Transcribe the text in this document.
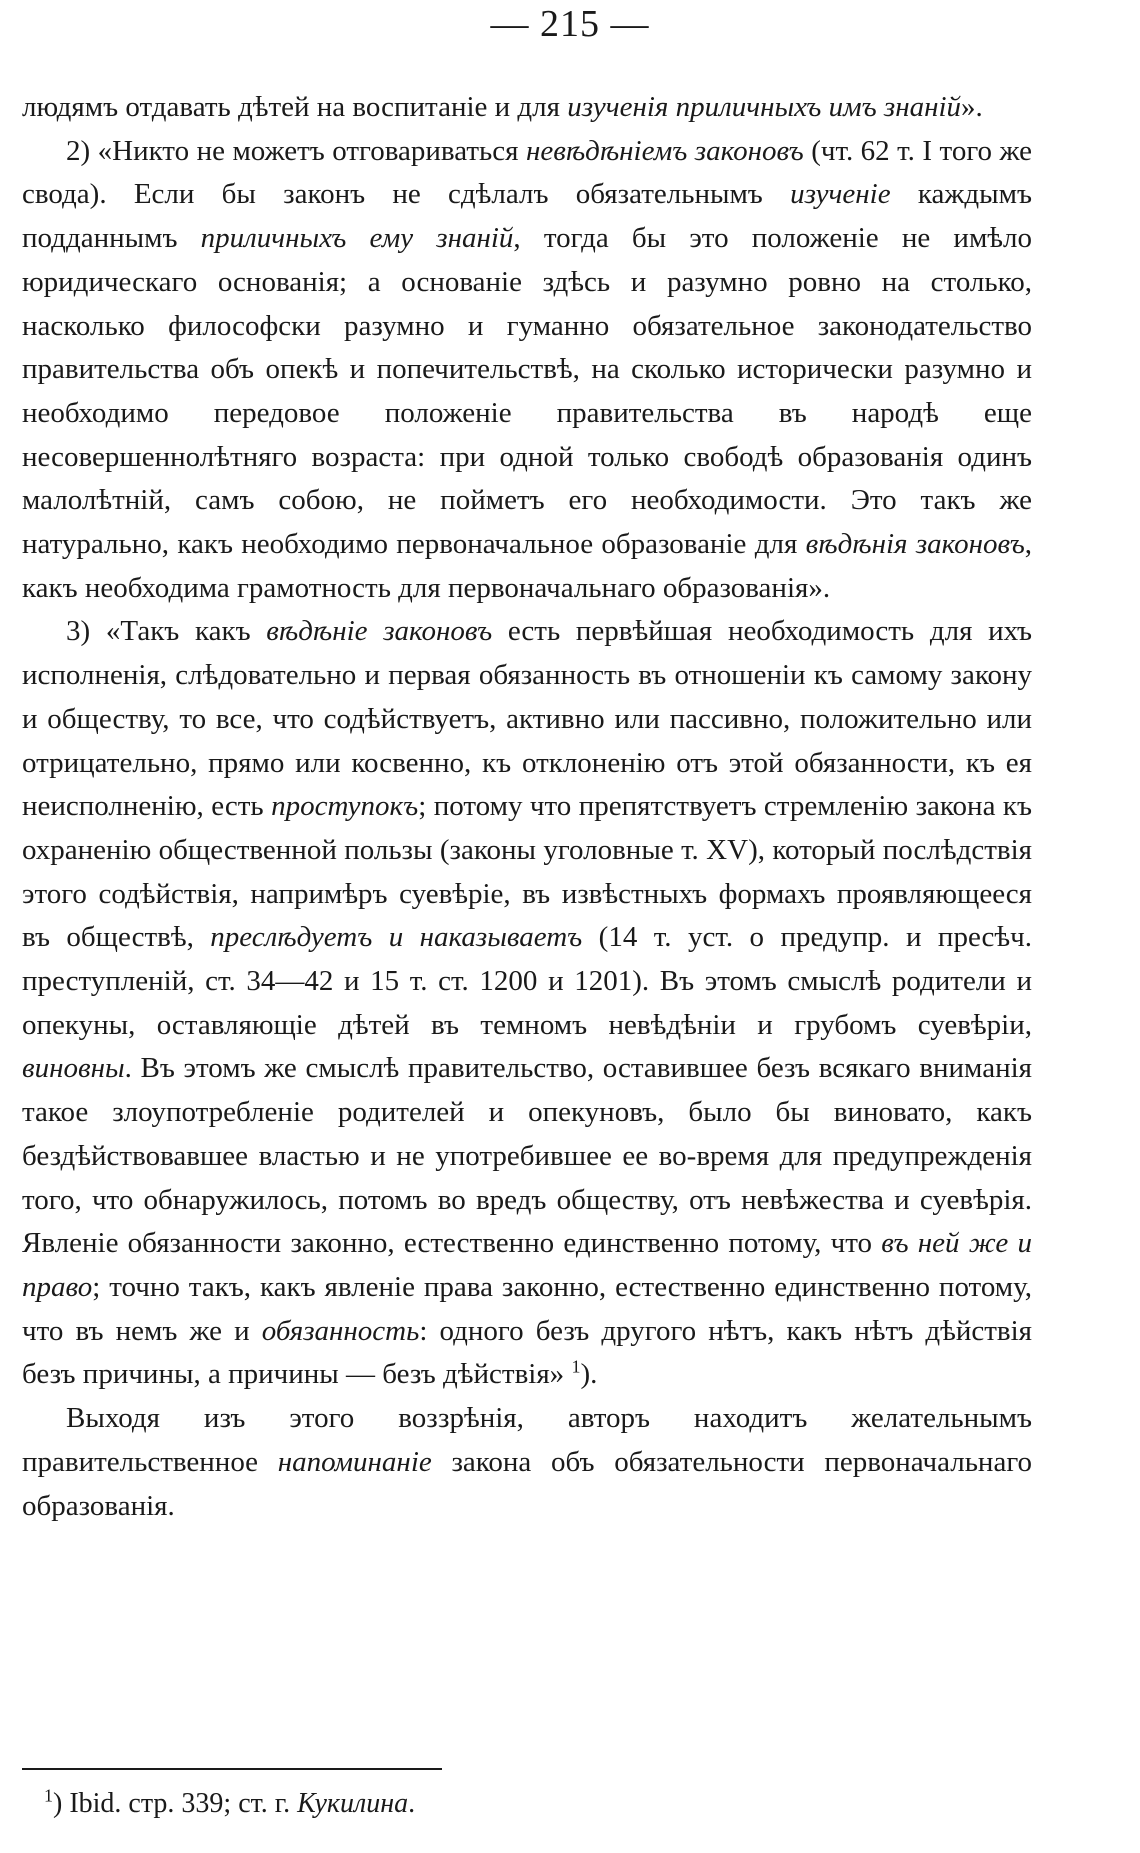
— 215 —

людямъ отдавать дѣтей на воспитаніе и для изученія приличныхъ имъ знаній».

2) «Никто не можетъ отговариваться невѣдѣніемъ законовъ (чт. 62 т. I того же свода). Если бы законъ не сдѣлалъ обязательнымъ изученіе каждымъ подданнымъ приличныхъ ему знаній, тогда бы это положеніе не имѣло юридическаго основанія; а основаніе здѣсь и разумно ровно на столько, насколько философски разумно и гуманно обязательное законодательство правительства объ опекѣ и попечительствѣ, на сколько исторически разумно и необходимо передовое положеніе правительства въ народѣ еще несовершеннолѣтняго возраста: при одной только свободѣ образованія одинъ малолѣтній, самъ собою, не пойметъ его необходимости. Это такъ же натурально, какъ необходимо первоначальное образованіе для вѣдѣнія законовъ, какъ необходима грамотность для первоначальнаго образованія».

3) «Такъ какъ вѣдѣніе законовъ есть первѣйшая необходимость для ихъ исполненія, слѣдовательно и первая обязанность въ отношеніи къ самому закону и обществу, то все, что содѣйствуетъ, активно или пассивно, положительно или отрицательно, прямо или косвенно, къ отклоненію отъ этой обязанности, къ ея неисполненію, есть проступокъ; потому что препятствуетъ стремленію закона къ охраненію общественной пользы (законы уголовные т. XV), который послѣдствія этого содѣйствія, напримѣръ суевѣріе, въ извѣстныхъ формахъ проявляющееся въ обществѣ, преслѣдуетъ и наказываетъ (14 т. уст. о предупр. и пресѣч. преступленій, ст. 34—42 и 15 т. ст. 1200 и 1201). Въ этомъ смыслѣ родители и опекуны, оставляющіе дѣтей въ темномъ невѣдѣніи и грубомъ суевѣріи, виновны. Въ этомъ же смыслѣ правительство, оставившее безъ всякаго вниманія такое злоупотребленіе родителей и опекуновъ, было бы виновато, какъ бездѣйствовавшее властью и не употребившее ее во-время для предупрежденія того, что обнаружилось, потомъ во вредъ обществу, отъ невѣжества и суевѣрія. Явленіе обязанности законно, естественно единственно потому, что въ ней же и право; точно такъ, какъ явленіе права законно, естественно единственно потому, что въ немъ же и обязанность: одного безъ другого нѣтъ, какъ нѣтъ дѣйствія безъ причины, а причины — безъ дѣйствія» $^1$).

Выходя изъ этого воззрѣнія, авторъ находитъ желательнымъ правительственное напоминаніе закона объ обязательности первоначальнаго образованія.

$^1$) Ibid. стр. 339; ст. г. Кукилина.
